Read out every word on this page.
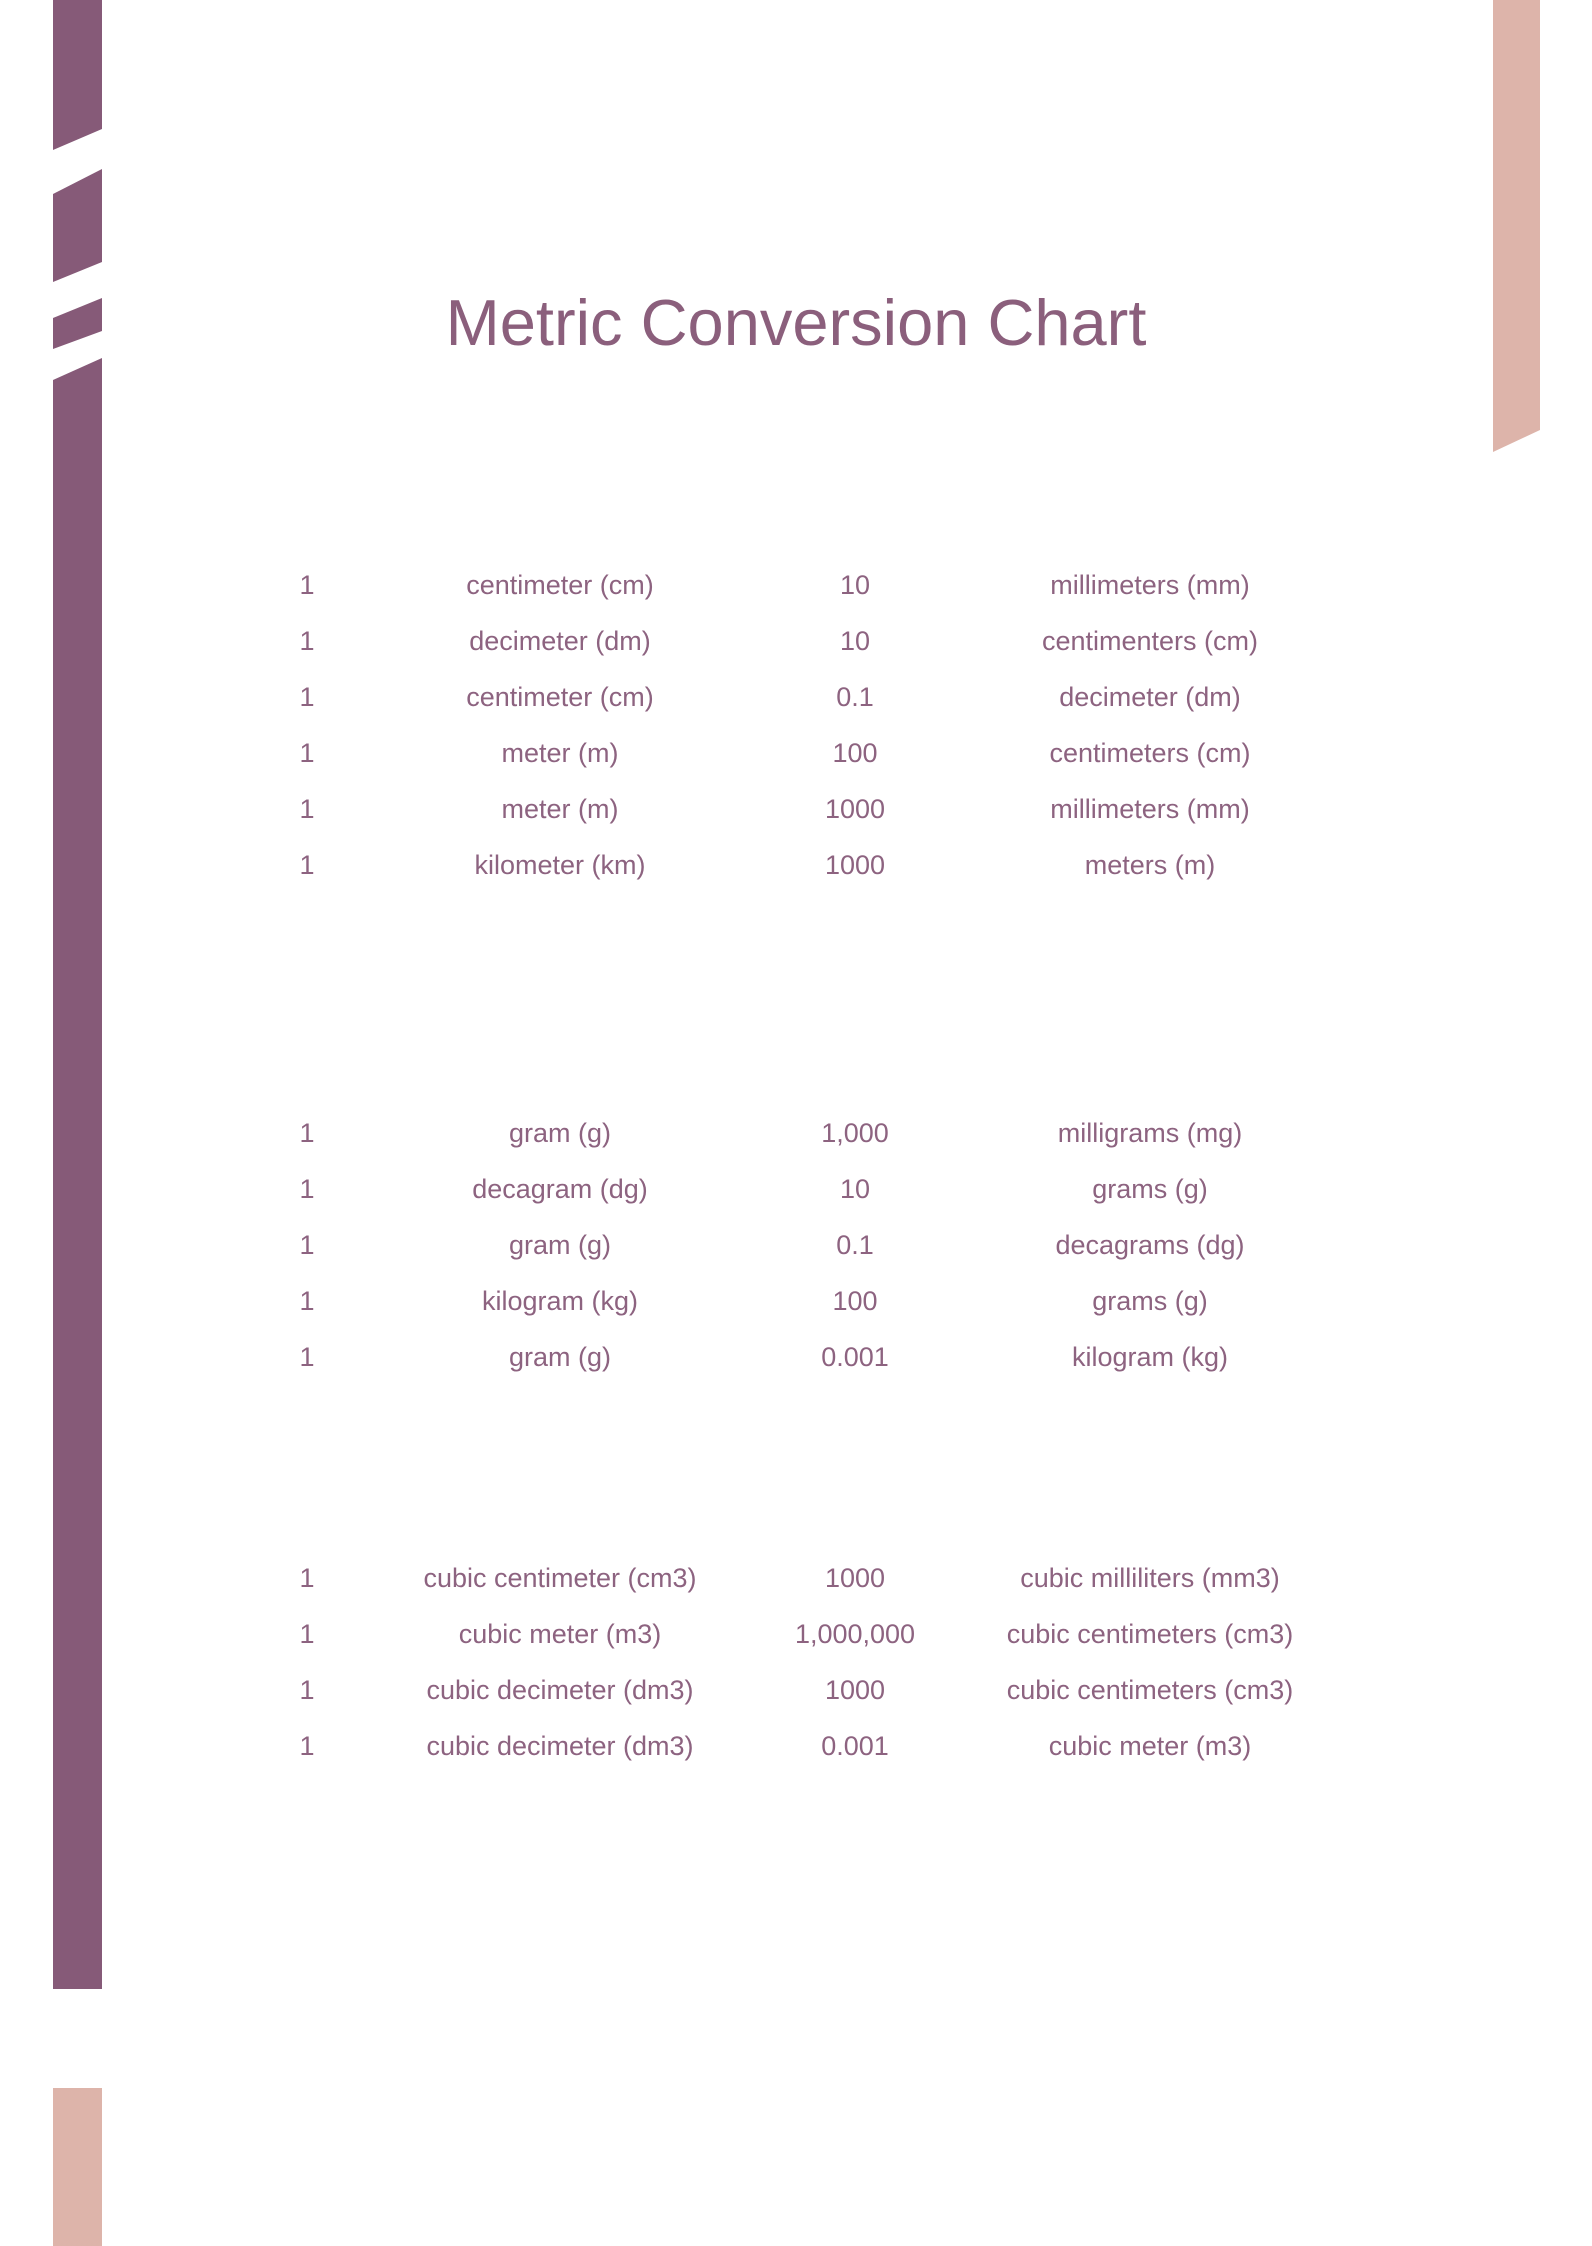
Metric Conversion Chart
1	centimeter (cm)	10	millimeters (mm)
1	decimeter (dm)	10	centimenters (cm)
1	centimeter (cm)	0.1	decimeter (dm)
1	meter (m)	100	centimeters (cm)
1	meter (m)	1000	millimeters (mm)
1	kilometer (km)	1000	meters (m)
1	gram (g)	1,000	milligrams (mg)
1	decagram (dg)	10	grams (g)
1	gram (g)	0.1	decagrams (dg)
1	kilogram (kg)	100	grams (g)
1	gram (g)	0.001	kilogram (kg)
1	cubic centimeter (cm3)	1000	cubic milliliters (mm3)
1	cubic meter (m3)	1,000,000	cubic centimeters (cm3)
1	cubic decimeter (dm3)	1000	cubic centimeters (cm3)
1	cubic decimeter (dm3)	0.001	cubic meter (m3)
